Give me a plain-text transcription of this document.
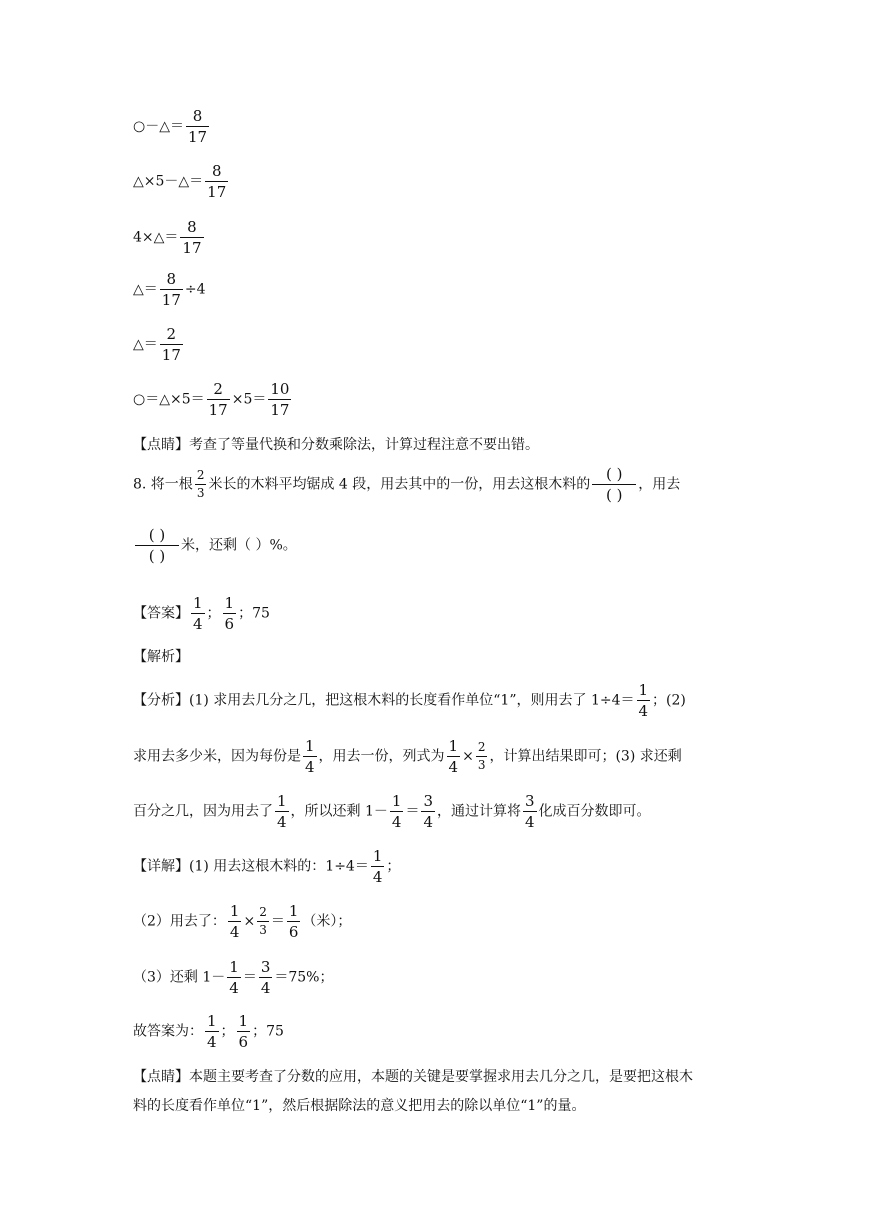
○－△＝ $\frac{8}{17}$
△×5－△＝ $\frac{8}{17}$
4×△＝ $\frac{8}{17}$
△＝ $\frac{8}{17} \div 4$
△＝ $\frac{2}{17}$
○＝△×5＝ $\frac{2}{17} \times 5= \frac{10}{17}$
【点睛】考查了等量代换和分数乘除法，计算过程注意不要出错。
8. 将一根 $\frac{2}{3}$ 米长的木料平均锯成 4 段，用去其中的一份，用去这根木料的 $\frac{( )}{( )}$ ，用去
$\frac{( )}{( )}$ 米，还剩（ ）%。
【答案】 $\frac{1}{4}$ ； $\frac{1}{6}$ ；75
【解析】
【分析】(1) 求用去几分之几，把这根木料的长度看作单位“1”，则用去了 $1\div 4= \frac{1}{4}$ ；(2)
求用去多少米，因为每份是 $\frac{1}{4}$ ，用去一份，列式为 $\frac{1}{4} \times \frac{2}{3}$ ，计算出结果即可；(3) 求还剩
百分之几，因为用去了 $\frac{1}{4}$ ，所以还剩 $1- \frac{1}{4} = \frac{3}{4}$ ，通过计算将 $\frac{3}{4}$ 化成百分数即可。
【详解】(1) 用去这根木料的：$1\div 4= \frac{1}{4}$ ；
（2）用去了： $\frac{1}{4} \times \frac{2}{3} = \frac{1}{6}$ （米）；
（3）还剩 $1- \frac{1}{4} = \frac{3}{4} =75\%$；
故答案为： $\frac{1}{4}$ ； $\frac{1}{6}$ ；75
【点睛】本题主要考查了分数的应用，本题的关键是要掌握求用去几分之几，是要把这根木
料的长度看作单位“1”，然后根据除法的意义把用去的除以单位“1”的量。
